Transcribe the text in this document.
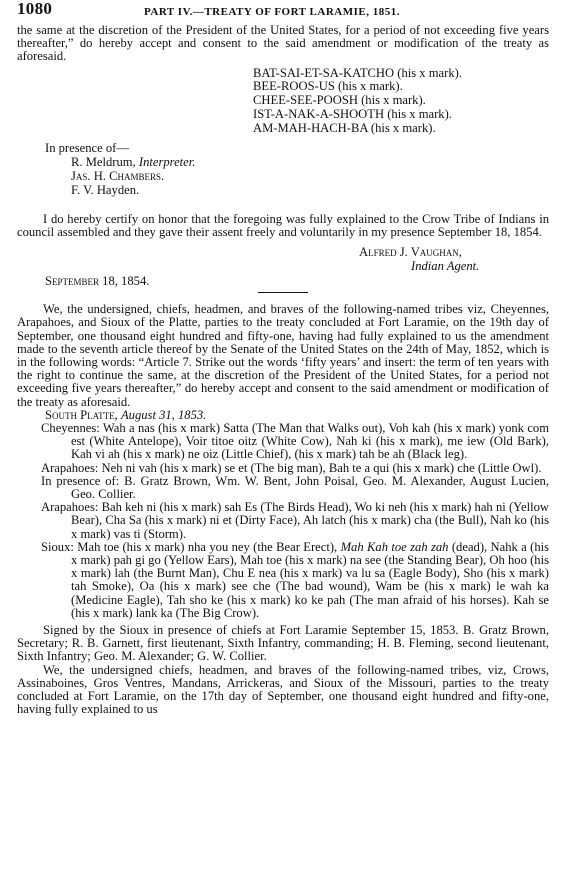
1080	PART IV.—TREATY OF FORT LARAMIE, 1851.

the same at the discretion of the President of the United States, for a period of not exceeding five years thereafter,” do hereby accept and consent to the said amendment or modification of the treaty as aforesaid.

BAT-SAI-ET-SA-KATCHO (his x mark).
BEE-ROOS-US (his x mark).
CHEE-SEE-POOSH (his x mark).
IST-A-NAK-A-SHOOTH (his x mark).
AM-MAH-HACH-BA (his x mark).
In presence of—
R. Meldrum, Interpreter.
Jas. H. Chambers.
F. V. Hayden.

I do hereby certify on honor that the foregoing was fully explained to the Crow Tribe of Indians in council assembled and they gave their assent freely and voluntarily in my presence September 18, 1854.

Alfred J. Vaughan,
Indian Agent.
September 18, 1854.

We, the undersigned, chiefs, headmen, and braves of the following-named tribes viz, Cheyennes, Arapahoes, and Sioux of the Platte, parties to the treaty concluded at Fort Laramie, on the 19th day of September, one thousand eight hundred and fifty-one, having had fully explained to us the amendment made to the seventh article thereof by the Senate of the United States on the 24th of May, 1852, which is in the following words: “Article 7. Strike out the words ‘fifty years’ and insert: the term of ten years with the right to continue the same, at the discretion of the President of the United States, for a period not exceeding five years thereafter,” do hereby accept and consent to the said amendment or modification of the treaty as aforesaid.

South Platte, August 31, 1853.

Cheyennes: Wah a nas (his x mark) Satta (The Man that Walks out), Voh kah (his x mark) yonk com est (White Antelope), Voir titoe oitz (White Cow), Nah ki (his x mark), me iew (Old Bark), Kah vi ah (his x mark) ne oiz (Little Chief), (his x mark) tah be ah (Black leg).

Arapahoes: Neh ni vah (his x mark) se et (The big man), Bah te a qui (his x mark) che (Little Owl).

In presence of: B. Gratz Brown, Wm. W. Bent, John Poisal, Geo. M. Alexander, August Lucien, Geo. Collier.

Arapahoes: Bah keh ni (his x mark) sah Es (The Birds Head), Wo ki neh (his x mark) hah ni (Yellow Bear), Cha Sa (his x mark) ni et (Dirty Face), Ah latch (his x mark) cha (the Bull), Nah ko (his x mark) vas ti (Storm).

Sioux: Mah toe (his x mark) nha you ney (the Bear Erect), Mah Kah toe zah zah (dead), Nahk a (his x mark) pah gi go (Yellow Ears), Mah toe (his x mark) na see (the Standing Bear), Oh hoo (his x mark) lah (the Burnt Man), Chu E nea (his x mark) va lu sa (Eagle Body), Sho (his x mark) tah Smoke), Oa (his x mark) see che (The bad wound), Wam be (his x mark) le wah ka (Medicine Eagle), Tah sho ke (his x mark) ko ke pah (The man afraid of his horses). Kah se (his x mark) lank ka (The Big Crow).

Signed by the Sioux in presence of chiefs at Fort Laramie September 15, 1853. B. Gratz Brown, Secretary; R. B. Garnett, first lieutenant, Sixth Infantry, commanding; H. B. Fleming, second lieutenant, Sixth Infantry; Geo. M. Alexander; G. W. Collier.

We, the undersigned chiefs, headmen, and braves of the following-named tribes, viz, Crows, Assinaboines, Gros Ventres, Mandans, Arrickeras, and Sioux of the Missouri, parties to the treaty concluded at Fort Laramie, on the 17th day of September, one thousand eight hundred and fifty-one, having fully explained to us
